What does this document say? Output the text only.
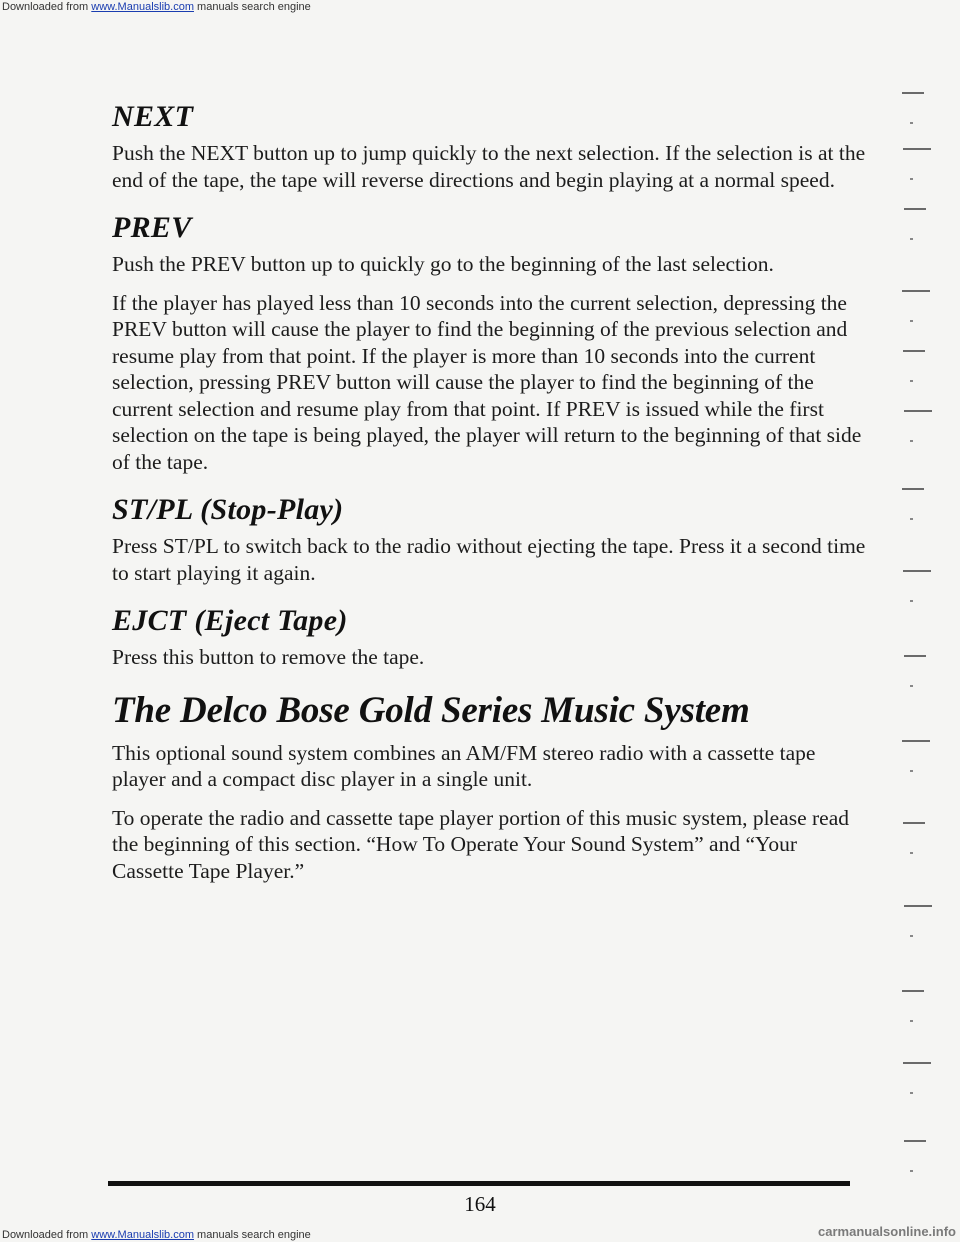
Downloaded from www.Manualslib.com manuals search engine
NEXT

Push the NEXT button up to jump quickly to the next selection. If the selection is at the end of the tape, the tape will reverse directions and begin playing at a normal speed.

PREV

Push the PREV button up to quickly go to the beginning of the last selection.

If the player has played less than 10 seconds into the current selection, depressing the PREV button will cause the player to find the beginning of the previous selection and resume play from that point. If the player is more than 10 seconds into the current selection, pressing PREV button will cause the player to find the beginning of the current selection and resume play from that point. If PREV is issued while the first selection on the tape is being played, the player will return to the beginning of that side of the tape.

ST/PL (Stop-Play)

Press ST/PL to switch back to the radio without ejecting the tape. Press it a second time to start playing it again.

EJCT (Eject Tape)

Press this button to remove the tape.

The Delco Bose Gold Series Music System

This optional sound system combines an AM/FM stereo radio with a cassette tape player and a compact disc player in a single unit.

To operate the radio and cassette tape player portion of this music system, please read the beginning of this section. “How To Operate Your Sound System” and “Your Cassette Tape Player.”

164
Downloaded from www.Manualslib.com manuals search engine	carmanualsonline.info
